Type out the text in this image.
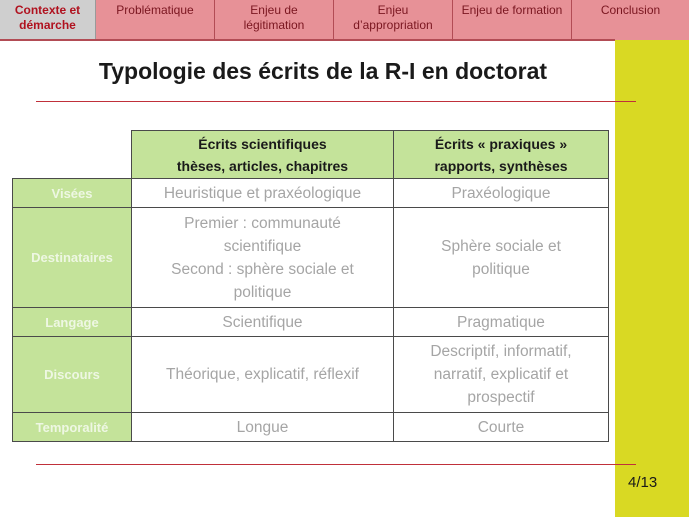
Contexte et
démarche
Problématique	Enjeu de
légitimation
Enjeu
d’appropriation
Enjeu de formation	Conclusion
Typologie des écrits de la R-I en doctorat

	Écrits scientifiques
thèses, articles, chapitres	Écrits « praxiques »
rapports, synthèses

Visées	Heuristique et praxéologique	Praxéologique

Destinataires	Premier : communauté
scientifique
Second : sphère sociale et
politique	Sphère sociale et
politique

Langage	Scientifique	Pragmatique

Discours	Théorique, explicatif, réflexif	Descriptif, informatif,
narratif, explicatif et
prospectif

Temporalité	Longue	Courte
4/13
